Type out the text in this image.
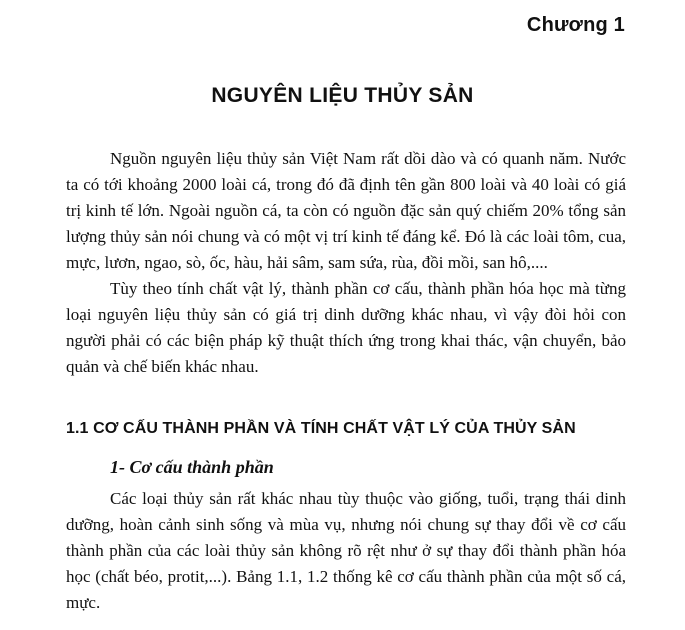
Chương 1
NGUYÊN LIỆU THỦY SẢN

Nguồn nguyên liệu thủy sản Việt Nam rất dồi dào và có quanh năm. Nước ta có tới khoảng 2000 loài cá, trong đó đã định tên gần 800 loài và 40 loài có giá trị kinh tế lớn. Ngoài nguồn cá, ta còn có nguồn đặc sản quý chiếm 20% tổng sản lượng thủy sản nói chung và có một vị trí kinh tế đáng kể. Đó là các loài tôm, cua, mực, lươn, ngao, sò, ốc, hàu, hải sâm, sam sứa, rùa, đồi mồi, san hô,....

Tùy theo tính chất vật lý, thành phần cơ cấu, thành phần hóa học mà từng loại nguyên liệu thủy sản có giá trị dinh dưỡng khác nhau, vì vậy đòi hỏi con người phải có các biện pháp kỹ thuật thích ứng trong khai thác, vận chuyển, bảo quản và chế biến khác nhau.

1.1 CƠ CẤU THÀNH PHẦN VÀ TÍNH CHẤT VẬT LÝ CỦA THỦY SẢN
1- Cơ cấu thành phần

Các loại thủy sản rất khác nhau tùy thuộc vào giống, tuổi, trạng thái dinh dưỡng, hoàn cảnh sinh sống và mùa vụ, nhưng nói chung sự thay đổi về cơ cấu thành phần của các loài thủy sản không rõ rệt như ở sự thay đổi thành phần hóa học (chất béo, protit,...). Bảng 1.1, 1.2 thống kê cơ cấu thành phần của một số cá, mực.
